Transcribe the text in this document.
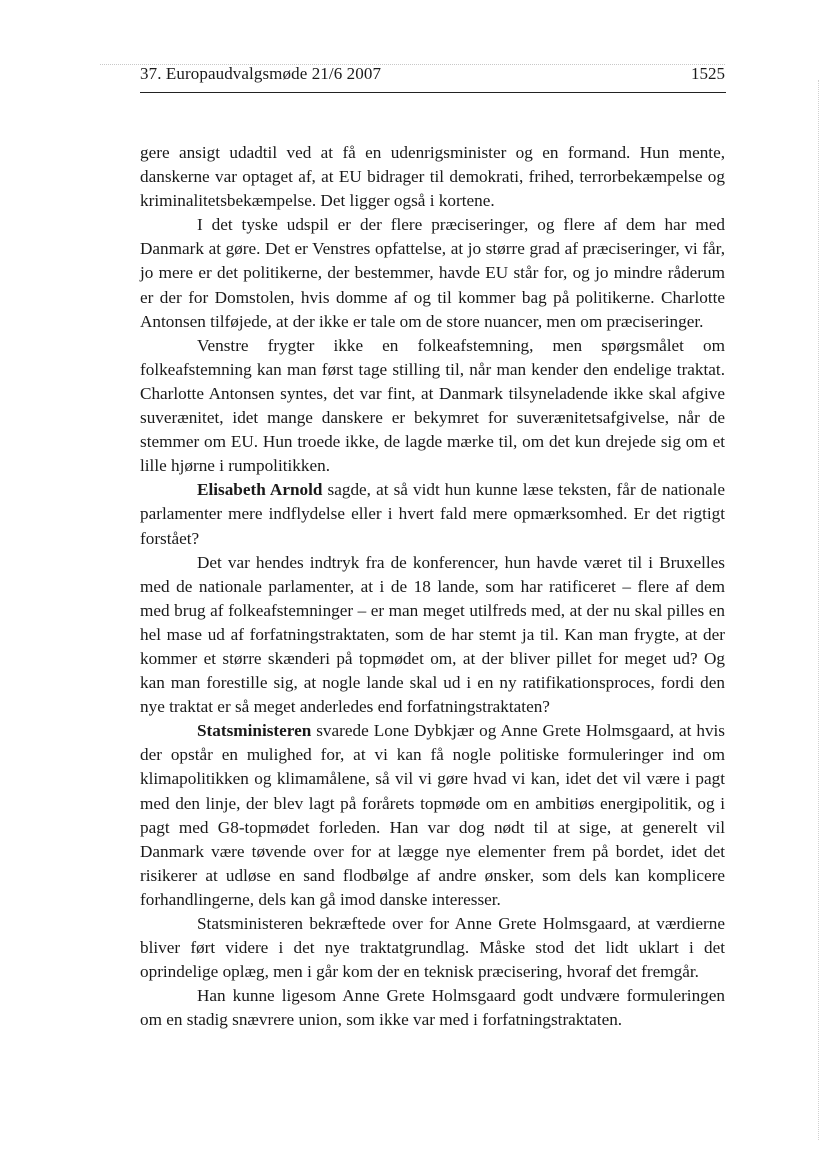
37. Europaudvalgsmøde 21/6 2007	1525

gere ansigt udadtil ved at få en udenrigsminister og en formand. Hun mente, danskerne var optaget af, at EU bidrager til demokrati, frihed, terrorbekæmpelse og kriminalitetsbekæmpelse. Det ligger også i kortene.

I det tyske udspil er der flere præciseringer, og flere af dem har med Danmark at gøre. Det er Venstres opfattelse, at jo større grad af præciseringer, vi får, jo mere er det politikerne, der bestemmer, havde EU står for, og jo mindre råderum er der for Domstolen, hvis domme af og til kommer bag på politikerne. Charlotte Antonsen tilføjede, at der ikke er tale om de store nuancer, men om præciseringer.

Venstre frygter ikke en folkeafstemning, men spørgsmålet om folkeafstemning kan man først tage stilling til, når man kender den endelige traktat. Charlotte Antonsen syntes, det var fint, at Danmark tilsyneladende ikke skal afgive suverænitet, idet mange danskere er bekymret for suverænitetsafgivelse, når de stemmer om EU. Hun troede ikke, de lagde mærke til, om det kun drejede sig om et lille hjørne i rumpolitikken.

Elisabeth Arnold sagde, at så vidt hun kunne læse teksten, får de nationale parlamenter mere indflydelse eller i hvert fald mere opmærksomhed. Er det rigtigt forstået?

Det var hendes indtryk fra de konferencer, hun havde været til i Bruxelles med de nationale parlamenter, at i de 18 lande, som har ratificeret – flere af dem med brug af folkeafstemninger – er man meget utilfreds med, at der nu skal pilles en hel mase ud af forfatningstraktaten, som de har stemt ja til. Kan man frygte, at der kommer et større skænderi på topmødet om, at der bliver pillet for meget ud? Og kan man forestille sig, at nogle lande skal ud i en ny ratifikationsproces, fordi den nye traktat er så meget anderledes end forfatningstraktaten?

Statsministeren svarede Lone Dybkjær og Anne Grete Holmsgaard, at hvis der opstår en mulighed for, at vi kan få nogle politiske formuleringer ind om klimapolitikken og klimamålene, så vil vi gøre hvad vi kan, idet det vil være i pagt med den linje, der blev lagt på forårets topmøde om en ambitiøs energipolitik, og i pagt med G8-topmødet forleden. Han var dog nødt til at sige, at generelt vil Danmark være tøvende over for at lægge nye elementer frem på bordet, idet det risikerer at udløse en sand flodbølge af andre ønsker, som dels kan komplicere forhandlingerne, dels kan gå imod danske interesser.

Statsministeren bekræftede over for Anne Grete Holmsgaard, at værdierne bliver ført videre i det nye traktatgrundlag. Måske stod det lidt uklart i det oprindelige oplæg, men i går kom der en teknisk præcisering, hvoraf det fremgår.

Han kunne ligesom Anne Grete Holmsgaard godt undvære formuleringen om en stadig snævrere union, som ikke var med i forfatningstraktaten.
